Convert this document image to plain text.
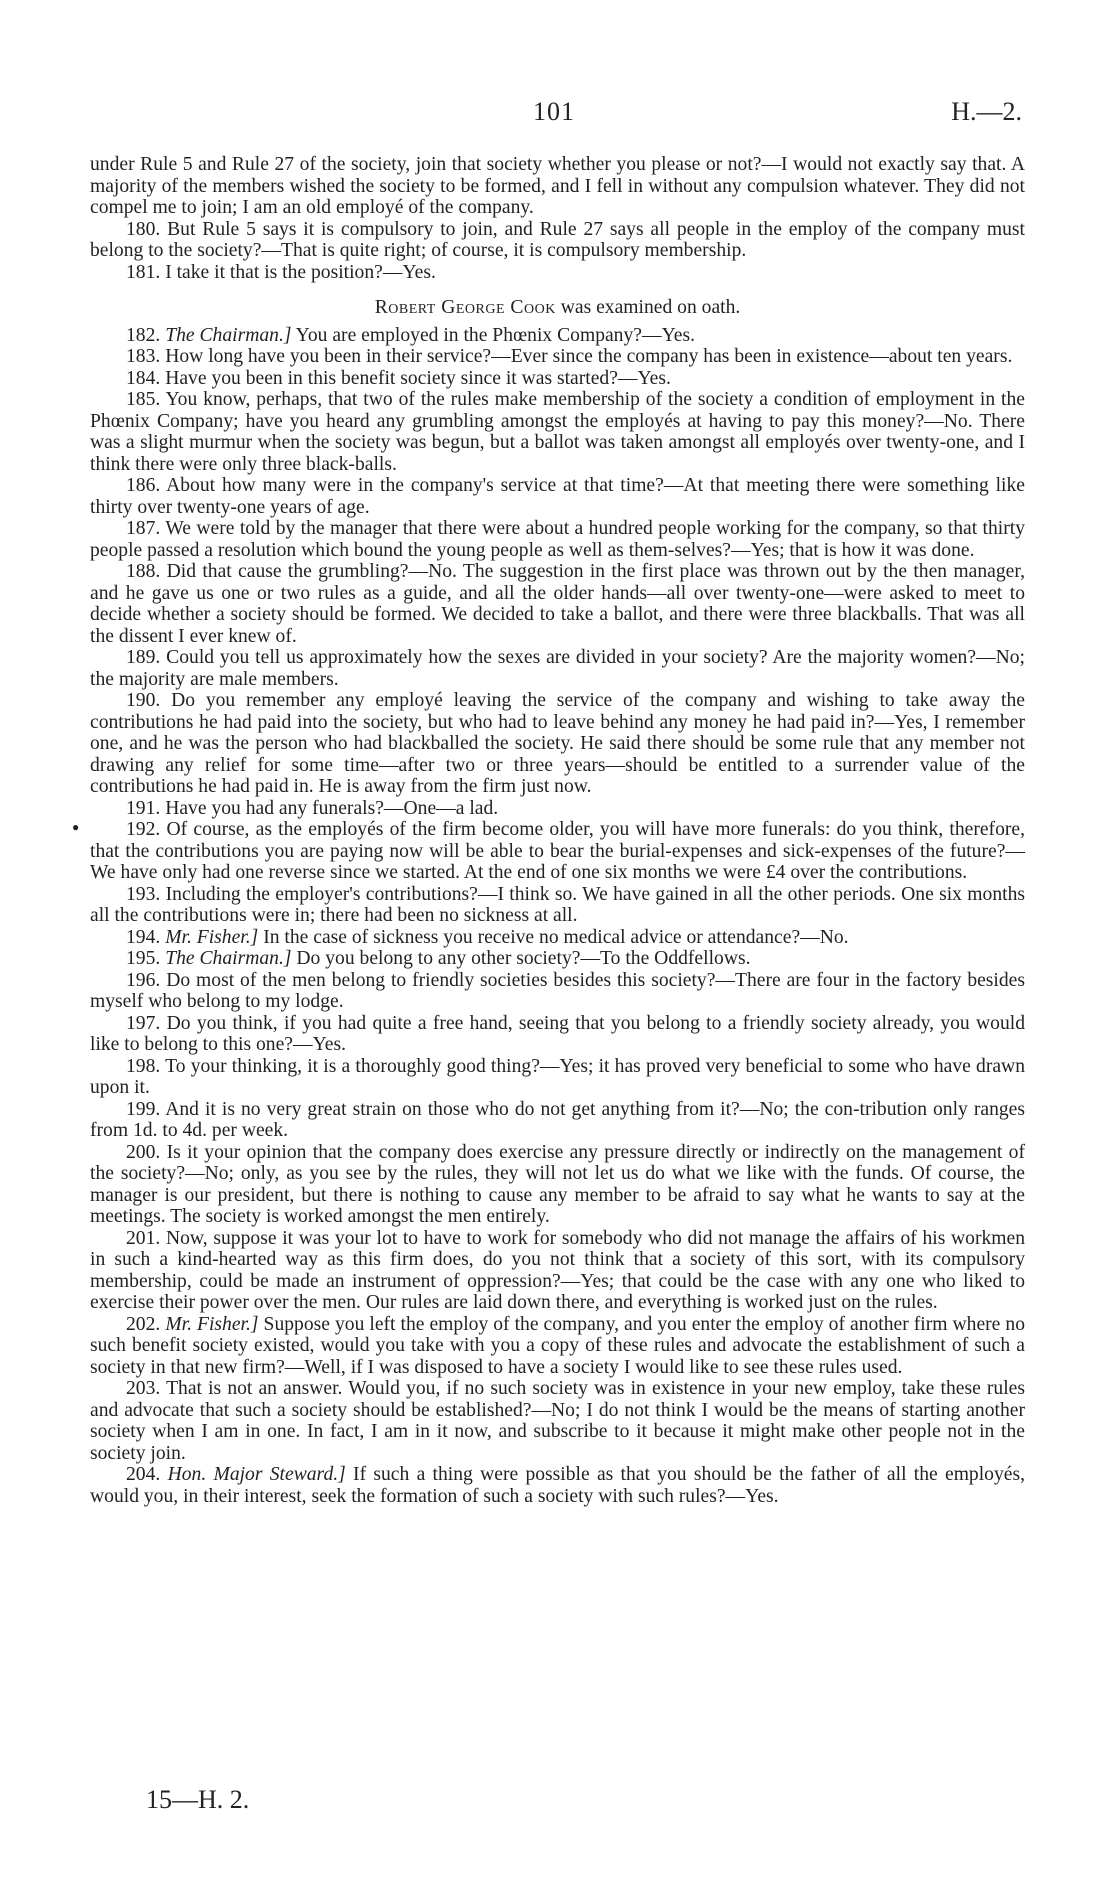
101	H.—2.
●

under Rule 5 and Rule 27 of the society, join that society whether you please or not?—I would not exactly say that. A majority of the members wished the society to be formed, and I fell in without any compulsion whatever. They did not compel me to join; I am an old employé of the company.

180. But Rule 5 says it is compulsory to join, and Rule 27 says all people in the employ of the company must belong to the society?—That is quite right; of course, it is compulsory membership.

181. I take it that is the position?—Yes.

Robert George Cook was examined on oath.

182. The Chairman.] You are employed in the Phœnix Company?—Yes.

183. How long have you been in their service?—Ever since the company has been in existence—about ten years.

184. Have you been in this benefit society since it was started?—Yes.

185. You know, perhaps, that two of the rules make membership of the society a condition of employment in the Phœnix Company; have you heard any grumbling amongst the employés at having to pay this money?—No. There was a slight murmur when the society was begun, but a ballot was taken amongst all employés over twenty-one, and I think there were only three black-balls.

186. About how many were in the company's service at that time?—At that meeting there were something like thirty over twenty-one years of age.

187. We were told by the manager that there were about a hundred people working for the company, so that thirty people passed a resolution which bound the young people as well as them-selves?—Yes; that is how it was done.

188. Did that cause the grumbling?—No. The suggestion in the first place was thrown out by the then manager, and he gave us one or two rules as a guide, and all the older hands—all over twenty-one—were asked to meet to decide whether a society should be formed. We decided to take a ballot, and there were three blackballs. That was all the dissent I ever knew of.

189. Could you tell us approximately how the sexes are divided in your society? Are the majority women?—No; the majority are male members.

190. Do you remember any employé leaving the service of the company and wishing to take away the contributions he had paid into the society, but who had to leave behind any money he had paid in?—Yes, I remember one, and he was the person who had blackballed the society. He said there should be some rule that any member not drawing any relief for some time—after two or three years—should be entitled to a surrender value of the contributions he had paid in. He is away from the firm just now.

191. Have you had any funerals?—One—a lad.

192. Of course, as the employés of the firm become older, you will have more funerals: do you think, therefore, that the contributions you are paying now will be able to bear the burial-expenses and sick-expenses of the future?—We have only had one reverse since we started. At the end of one six months we were £4 over the contributions.

193. Including the employer's contributions?—I think so. We have gained in all the other periods. One six months all the contributions were in; there had been no sickness at all.

194. Mr. Fisher.] In the case of sickness you receive no medical advice or attendance?—No.

195. The Chairman.] Do you belong to any other society?—To the Oddfellows.

196. Do most of the men belong to friendly societies besides this society?—There are four in the factory besides myself who belong to my lodge.

197. Do you think, if you had quite a free hand, seeing that you belong to a friendly society already, you would like to belong to this one?—Yes.

198. To your thinking, it is a thoroughly good thing?—Yes; it has proved very beneficial to some who have drawn upon it.

199. And it is no very great strain on those who do not get anything from it?—No; the con-tribution only ranges from 1d. to 4d. per week.

200. Is it your opinion that the company does exercise any pressure directly or indirectly on the management of the society?—No; only, as you see by the rules, they will not let us do what we like with the funds. Of course, the manager is our president, but there is nothing to cause any member to be afraid to say what he wants to say at the meetings. The society is worked amongst the men entirely.

201. Now, suppose it was your lot to have to work for somebody who did not manage the affairs of his workmen in such a kind-hearted way as this firm does, do you not think that a society of this sort, with its compulsory membership, could be made an instrument of oppression?—Yes; that could be the case with any one who liked to exercise their power over the men. Our rules are laid down there, and everything is worked just on the rules.

202. Mr. Fisher.] Suppose you left the employ of the company, and you enter the employ of another firm where no such benefit society existed, would you take with you a copy of these rules and advocate the establishment of such a society in that new firm?—Well, if I was disposed to have a society I would like to see these rules used.

203. That is not an answer. Would you, if no such society was in existence in your new employ, take these rules and advocate that such a society should be established?—No; I do not think I would be the means of starting another society when I am in one. In fact, I am in it now, and subscribe to it because it might make other people not in the society join.

204. Hon. Major Steward.] If such a thing were possible as that you should be the father of all the employés, would you, in their interest, seek the formation of such a society with such rules?—Yes.

15—H. 2.
